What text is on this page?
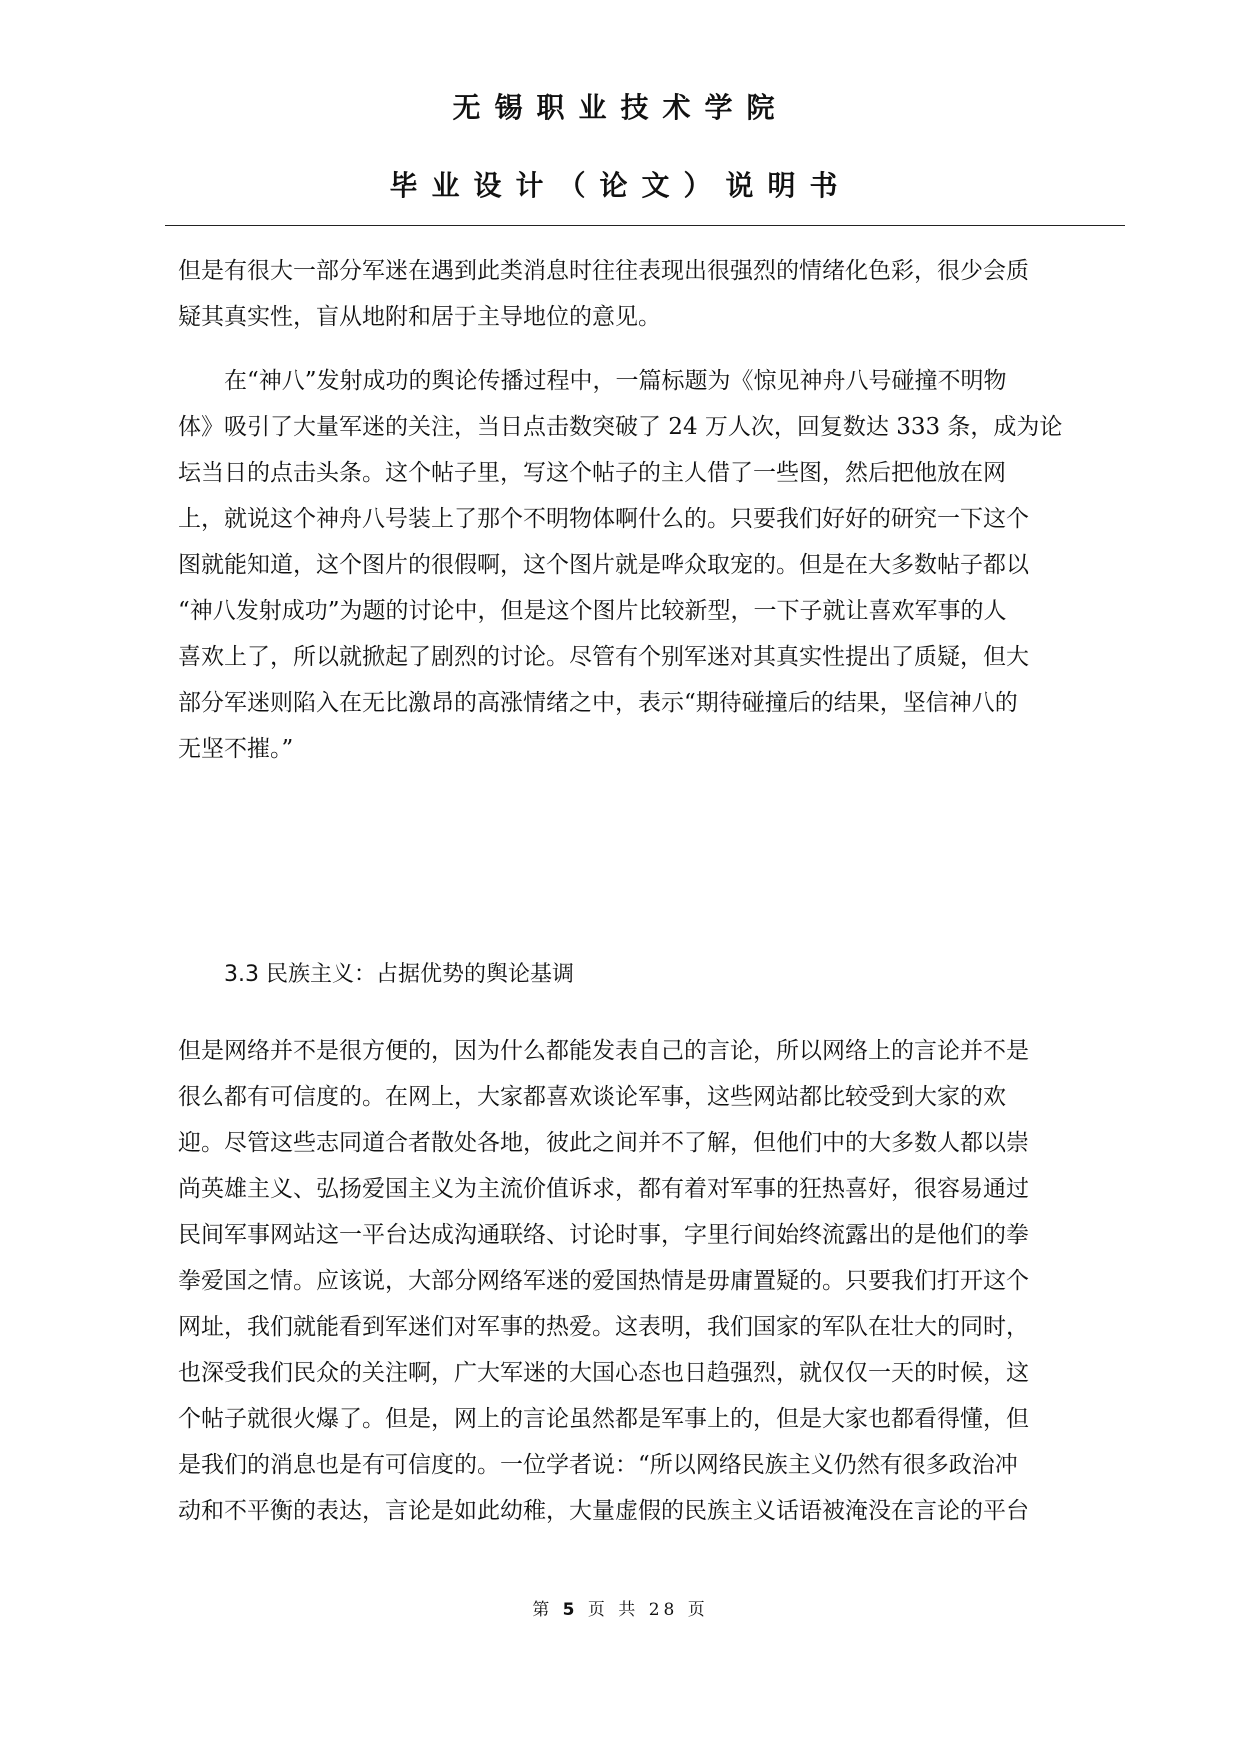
无锡职业技术学院
毕业设计（论文）说明书
但是有很大一部分军迷在遇到此类消息时往往表现出很强烈的情绪化色彩，很少会质
疑其真实性，盲从地附和居于主导地位的意见。
在“神八”发射成功的舆论传播过程中，一篇标题为《惊见神舟八号碰撞不明物
体》吸引了大量军迷的关注，当日点击数突破了 24 万人次，回复数达 333 条，成为论
坛当日的点击头条。这个帖子里，写这个帖子的主人借了一些图，然后把他放在网
上，就说这个神舟八号装上了那个不明物体啊什么的。只要我们好好的研究一下这个
图就能知道，这个图片的很假啊，这个图片就是哗众取宠的。但是在大多数帖子都以
“神八发射成功”为题的讨论中，但是这个图片比较新型，一下子就让喜欢军事的人
喜欢上了，所以就掀起了剧烈的讨论。尽管有个别军迷对其真实性提出了质疑，但大
部分军迷则陷入在无比激昂的高涨情绪之中，表示“期待碰撞后的结果，坚信神八的
无坚不摧。”
3.3 民族主义：占据优势的舆论基调
但是网络并不是很方便的，因为什么都能发表自己的言论，所以网络上的言论并不是
很么都有可信度的。在网上，大家都喜欢谈论军事，这些网站都比较受到大家的欢
迎。尽管这些志同道合者散处各地，彼此之间并不了解，但他们中的大多数人都以崇
尚英雄主义、弘扬爱国主义为主流价值诉求，都有着对军事的狂热喜好，很容易通过
民间军事网站这一平台达成沟通联络、讨论时事，字里行间始终流露出的是他们的拳
拳爱国之情。应该说，大部分网络军迷的爱国热情是毋庸置疑的。只要我们打开这个
网址，我们就能看到军迷们对军事的热爱。这表明，我们国家的军队在壮大的同时，
也深受我们民众的关注啊，广大军迷的大国心态也日趋强烈，就仅仅一天的时候，这
个帖子就很火爆了。但是，网上的言论虽然都是军事上的，但是大家也都看得懂，但
是我们的消息也是有可信度的。一位学者说：“所以网络民族主义仍然有很多政治冲
动和不平衡的表达，言论是如此幼稚，大量虚假的民族主义话语被淹没在言论的平台
第 5 页 共 28 页
